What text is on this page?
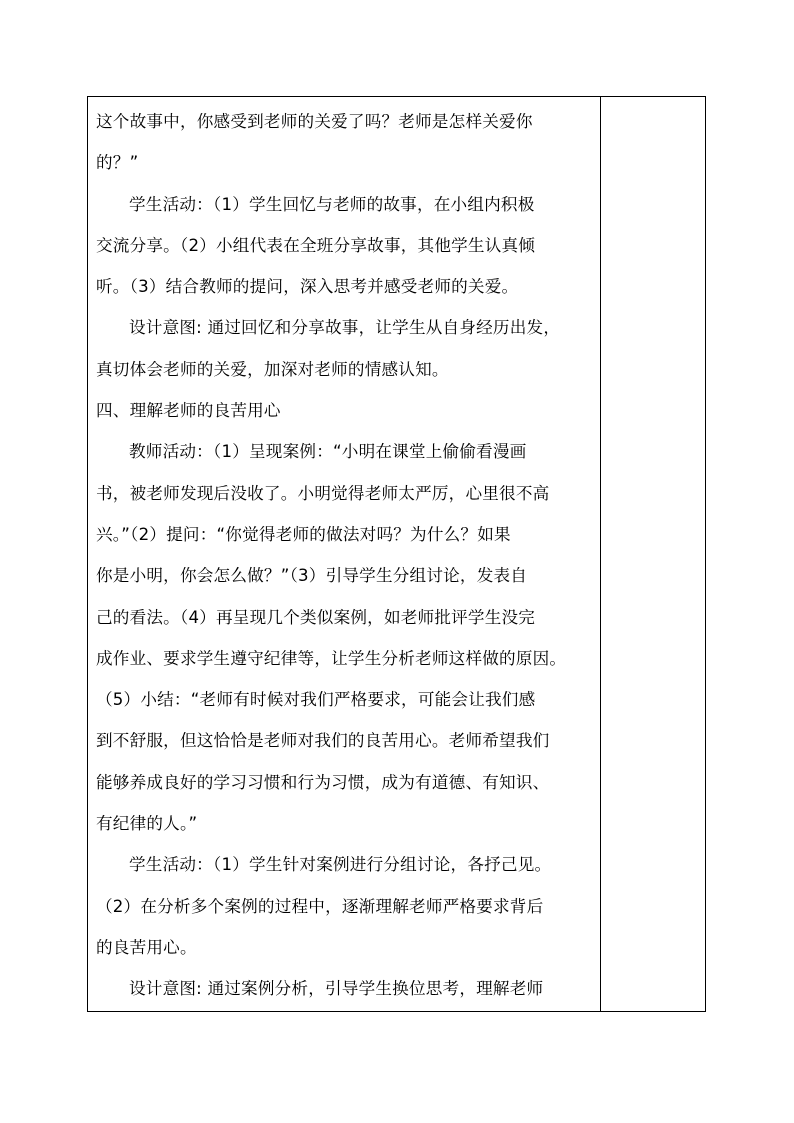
这个故事中，你感受到老师的关爱了吗？老师是怎样关爱你
的？”
学生活动：（1）学生回忆与老师的故事，在小组内积极
交流分享。（2）小组代表在全班分享故事，其他学生认真倾
听。（3）结合教师的提问，深入思考并感受老师的关爱。
设计意图: 通过回忆和分享故事，让学生从自身经历出发，
真切体会老师的关爱，加深对老师的情感认知。
四、理解老师的良苦用心
教师活动：（1）呈现案例：“小明在课堂上偷偷看漫画
书，被老师发现后没收了。小明觉得老师太严厉，心里很不高
兴。”（2）提问：“你觉得老师的做法对吗？为什么？如果
你是小明，你会怎么做？”（3）引导学生分组讨论，发表自
己的看法。（4）再呈现几个类似案例，如老师批评学生没完
成作业、要求学生遵守纪律等，让学生分析老师这样做的原因。
（5）小结：“老师有时候对我们严格要求，可能会让我们感
到不舒服，但这恰恰是老师对我们的良苦用心。老师希望我们
能够养成良好的学习习惯和行为习惯，成为有道德、有知识、
有纪律的人。”
学生活动：（1）学生针对案例进行分组讨论，各抒己见。
（2）在分析多个案例的过程中，逐渐理解老师严格要求背后
的良苦用心。
设计意图: 通过案例分析，引导学生换位思考，理解老师
